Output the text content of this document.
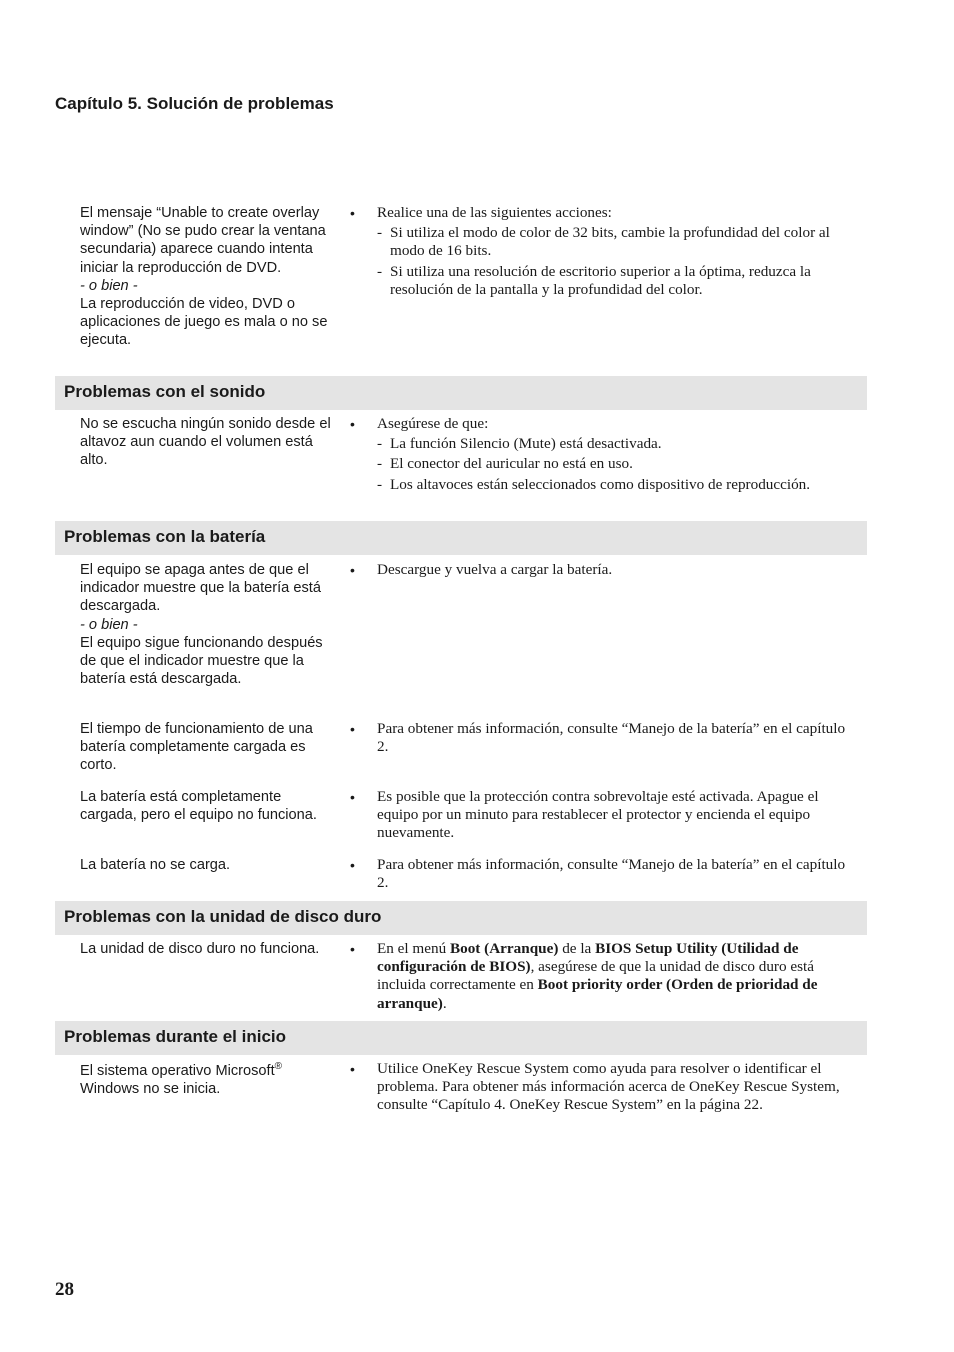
Capítulo 5. Solución de problemas
El mensaje “Unable to create overlay window” (No se pudo crear la ventana secundaria) aparece cuando intenta iniciar la reproducción de DVD.
- o bien -
La reproducción de video, DVD o aplicaciones de juego es mala o no se ejecuta.
• Realice una de las siguientes acciones:
- Si utiliza el modo de color de 32 bits, cambie la profundidad del color al modo de 16 bits.
- Si utiliza una resolución de escritorio superior a la óptima, reduzca la resolución de la pantalla y la profundidad del color.
Problemas con el sonido
No se escucha ningún sonido desde el altavoz aun cuando el volumen está alto.
• Asegúrese de que:
- La función Silencio (Mute) está desactivada.
- El conector del auricular no está en uso.
- Los altavoces están seleccionados como dispositivo de reproducción.
Problemas con la batería
El equipo se apaga antes de que el indicador muestre que la batería está descargada.
- o bien -
El equipo sigue funcionando después de que el indicador muestre que la batería está descargada.
• Descargue y vuelva a cargar la batería.
El tiempo de funcionamiento de una batería completamente cargada es corto.
• Para obtener más información, consulte “Manejo de la batería” en el capítulo 2.
La batería está completamente cargada, pero el equipo no funciona.
• Es posible que la protección contra sobrevoltaje esté activada. Apague el equipo por un minuto para restablecer el protector y encienda el equipo nuevamente.
La batería no se carga.	• Para obtener más información, consulte “Manejo de la batería” en el capítulo 2.
Problemas con la unidad de disco duro
La unidad de disco duro no funciona.	• En el menú Boot (Arranque) de la BIOS Setup Utility (Utilidad de configuración de BIOS), asegúrese de que la unidad de disco duro está incluida correctamente en Boot priority order (Orden de prioridad de arranque).
Problemas durante el inicio
El sistema operativo Microsoft®
Windows no se inicia.
• Utilice OneKey Rescue System como ayuda para resolver o identificar el problema. Para obtener más información acerca de OneKey Rescue System, consulte “Capítulo 4. OneKey Rescue System” en la página 22.
28
